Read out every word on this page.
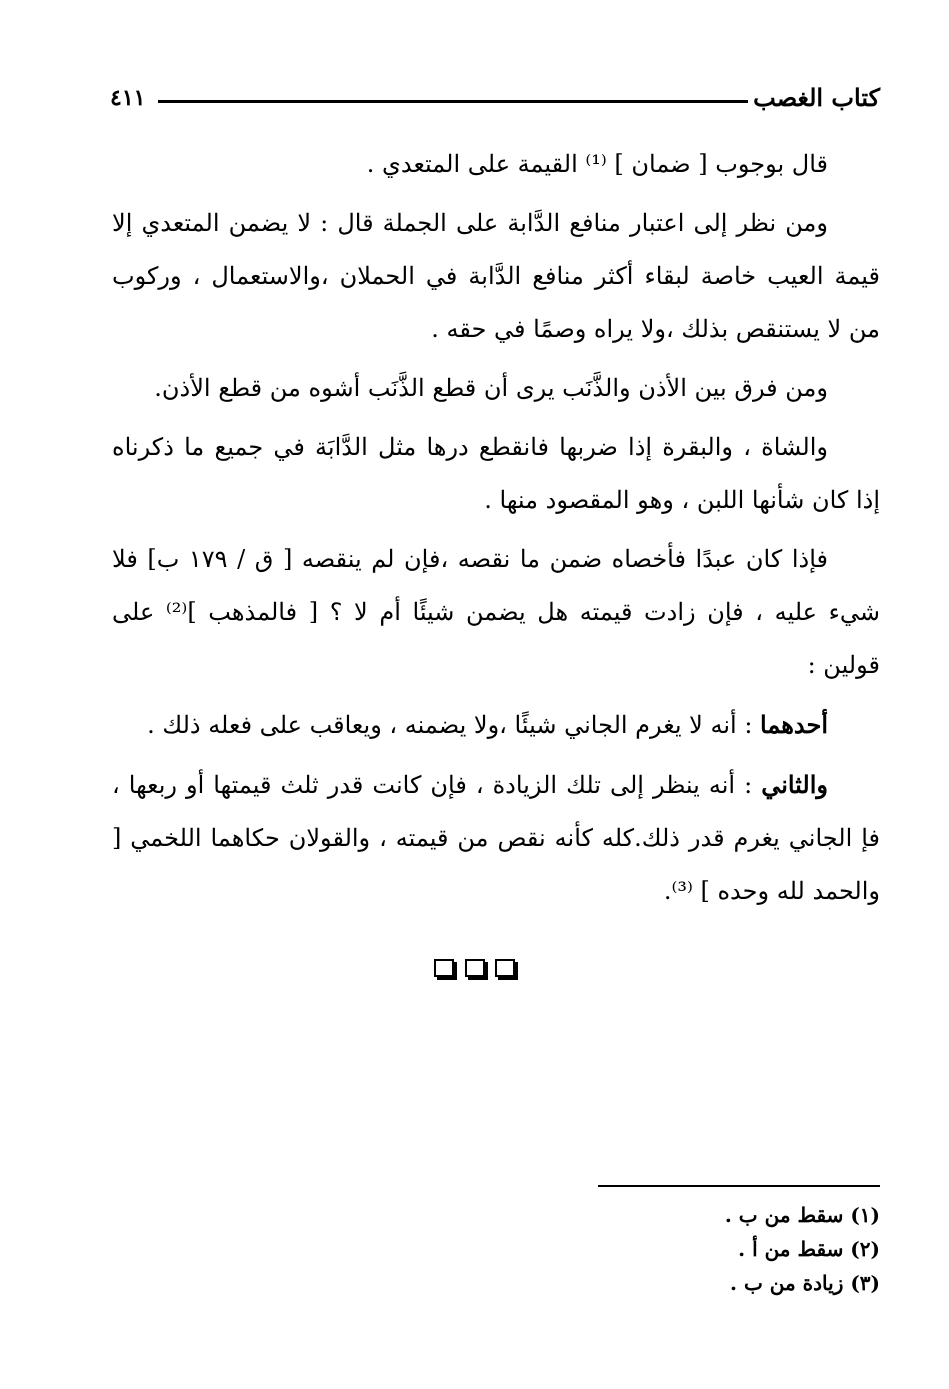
كتاب الغصب
٤١١

قال بوجوب [ ضمان ] ⁽¹⁾ القيمة على المتعدي .

ومن نظر إلى اعتبار منافع الدَّابة على الجملة قال : لا يضمن المتعدي إلا قيمة العيب خاصة لبقاء أكثر منافع الدَّابة في الحملان ،والاستعمال ، وركوب من لا يستنقص بذلك ،ولا يراه وصمًا في حقه .

ومن فرق بين الأذن والذَّنَب يرى أن قطع الذَّنَب أشوه من قطع الأذن.

والشاة ، والبقرة إذا ضربها فانقطع درها مثل الدَّابَة في جميع ما ذكرناه إذا كان شأنها اللبن ، وهو المقصود منها .

فإذا كان عبدًا فأخصاه ضمن ما نقصه ،فإن لم ينقصه [ ق / ١٧٩ ب] فلا شيء عليه ، فإن زادت قيمته هل يضمن شيئًا أم لا ؟ [ فالمذهب ]⁽²⁾ على قولين :

أحدهما : أنه لا يغرم الجاني شيئًا ،ولا يضمنه ، ويعاقب على فعله ذلك .

والثاني : أنه ينظر إلى تلك الزيادة ، فإن كانت قدر ثلث قيمتها أو ربعها ، فإ الجاني يغرم قدر ذلك.كله كأنه نقص من قيمته ، والقولان حكاهما اللخمي [ والحمد لله وحده ] ⁽³⁾.

(١) سقط من ب .

(٢) سقط من أ .

(٣) زيادة من ب .
